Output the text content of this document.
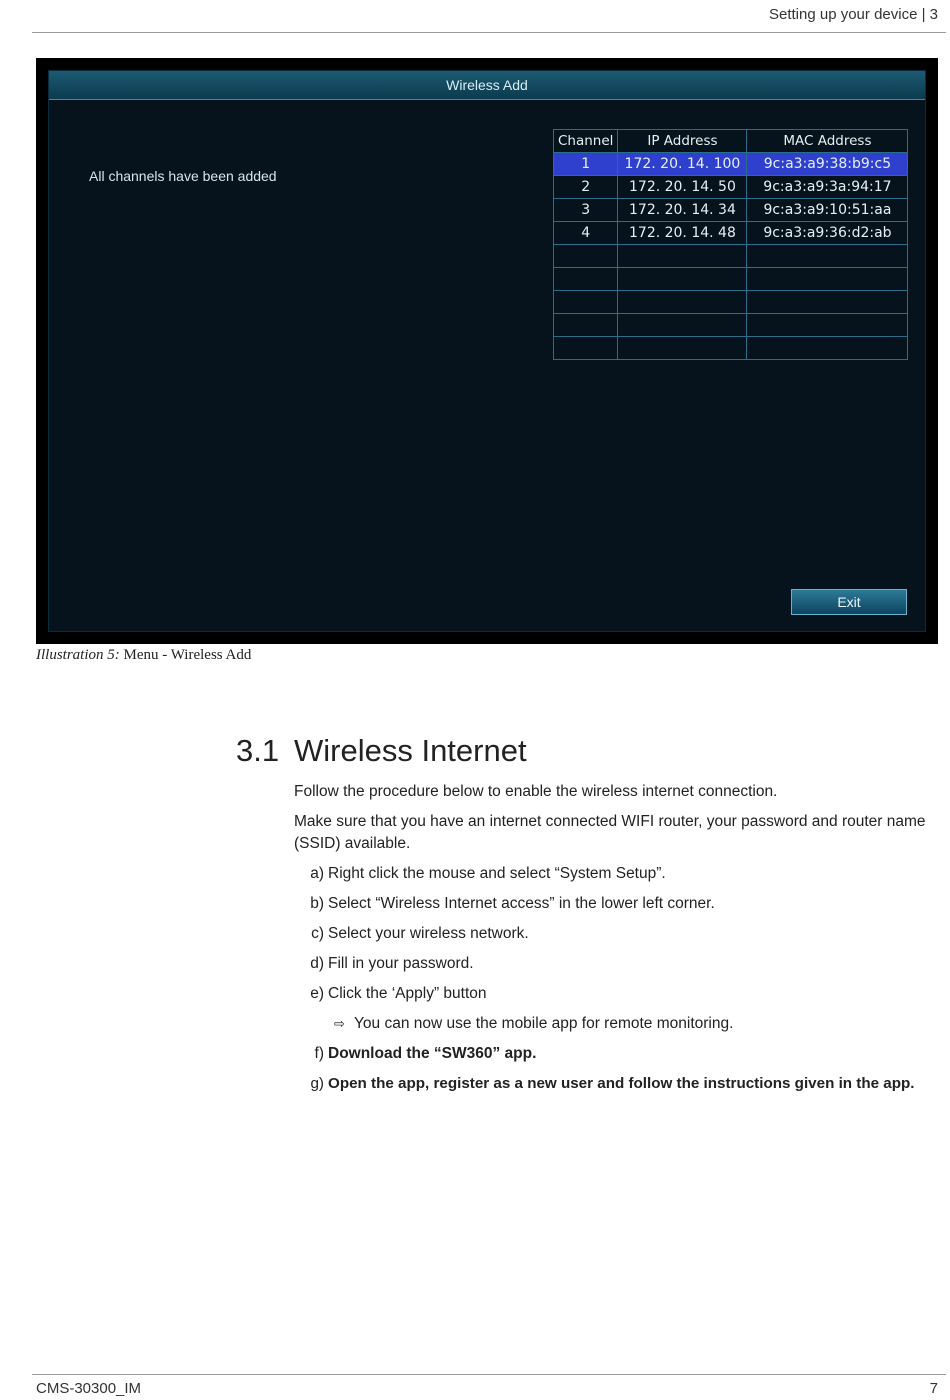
Setting up your device | 3
Wireless Add
All channels have been added
Channel	IP Address	MAC Address
1	172. 20. 14. 100	9c:a3:a9:38:b9:c5
2	172. 20. 14. 50	9c:a3:a9:3a:94:17
3	172. 20. 14. 34	9c:a3:a9:10:51:aa
4	172. 20. 14. 48	9c:a3:a9:36:d2:ab

Exit
Illustration 5: Menu - Wireless Add
3.1 Wireless Internet
Follow the procedure below to enable the wireless internet connection.
Make sure that you have an internet connected WIFI router, your password and router name (SSID) available.
a) Right click the mouse and select “System Setup”.
b) Select “Wireless Internet access” in the lower left corner.
c) Select your wireless network.
d) Fill in your password.
e) Click the ‘Apply” button
⇨ You can now use the mobile app for remote monitoring.
f) Download the “SW360” app.
g) Open the app, register as a new user and follow the instructions given in the app.
CMS-30300_IM	7
